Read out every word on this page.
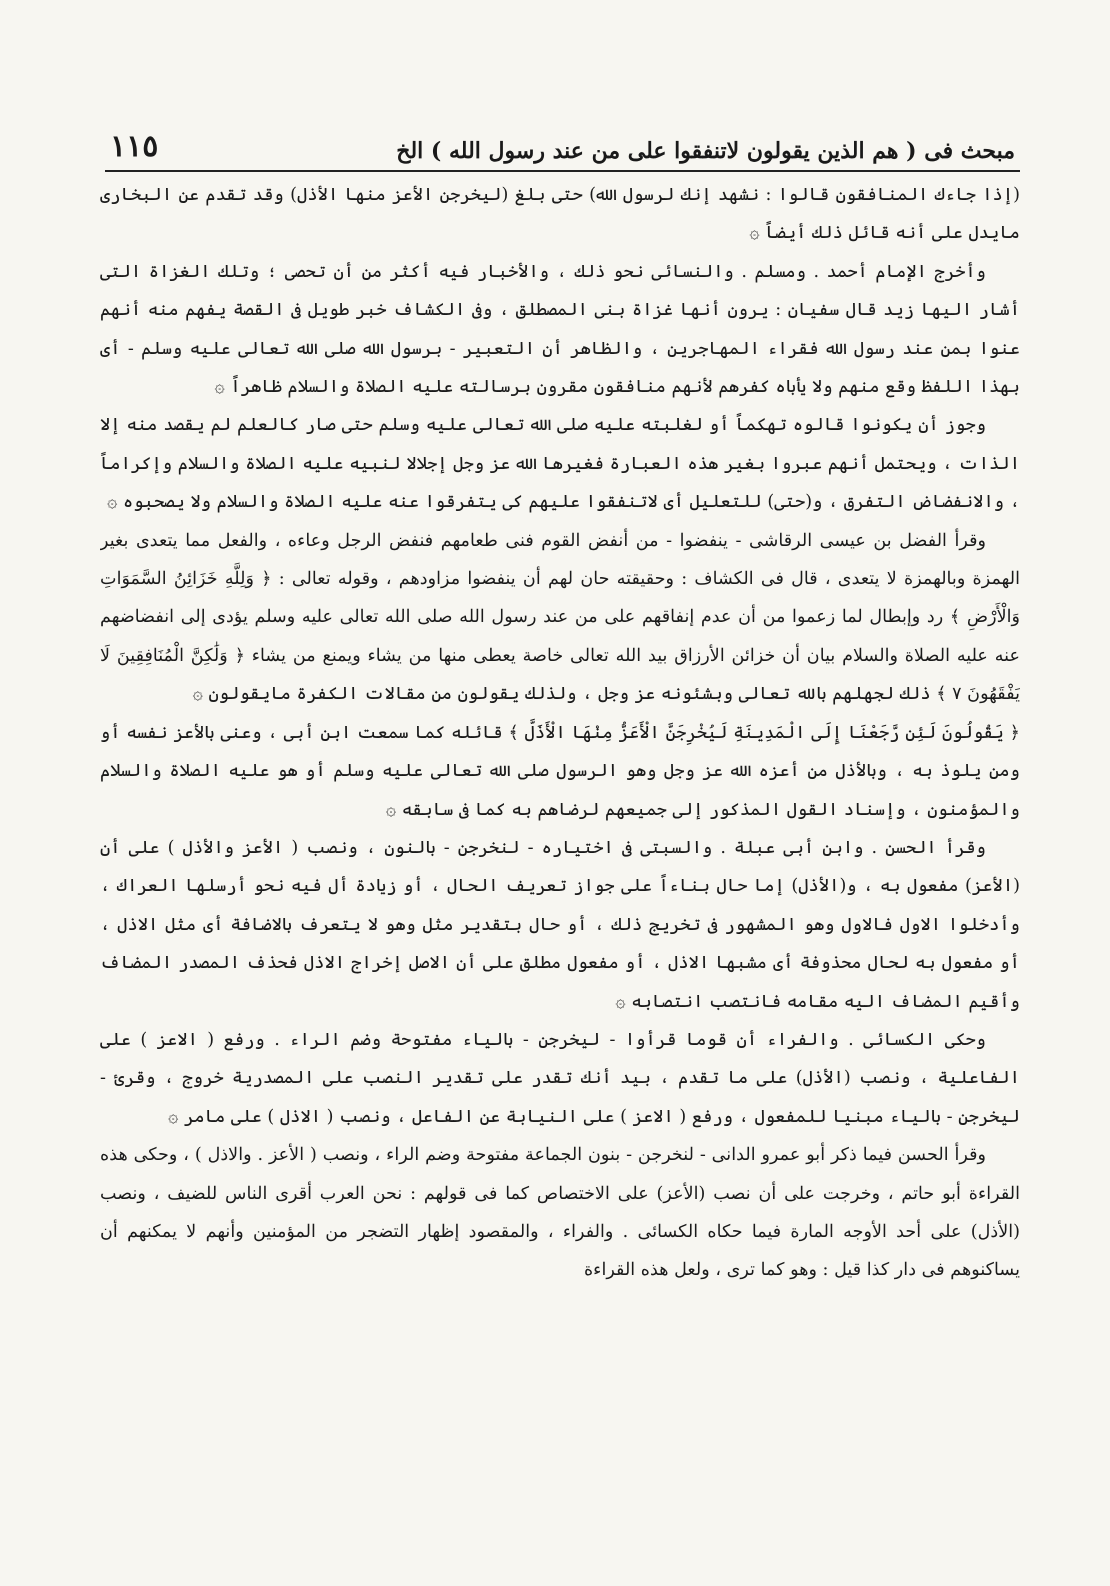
مبحث فى ( هم الذين يقولون لاتنفقوا على من عند رسول الله ) الخ
١١٥

(إذا جاءك المنافقون قالوا : نشهد إنك لرسول الله) حتى بلغ (ليخرجن الأعز منها الأذل) وقد تقدم عن البخارى مايدل على أنه قائل ذلك أيضاً ۞

وأخرج الإمام أحمد . ومسلم . والنسائى نحو ذلك ، والأخبار فيه أكثر من أن تحصى ؛ وتلك الغزاة التى أشار اليها زيد قال سفيان : يرون أنها غزاة بنى المصطلق ، وفى الكشاف خبر طويل فى القصة يفهم منه أنهم عنوا بمن عند رسول الله فقراء المهاجرين ، والظاهر أن التعبير - برسول الله صلى الله تعالى عليه وسلم - أى بهذا اللفظ وقع منهم ولا يأباه كفرهم لأنهم منافقون مقرون برسالته عليه الصلاة والسلام ظاهراً ۞

وجوز أن يكونوا قالوه تهكماً أو لغلبته عليه صلى الله تعالى عليه وسلم حتى صار كالعلم لم يقصد منه إلا الذات ، ويحتمل أنهم عبروا بغير هذه العبارة فغيرها الله عز وجل إجلالا لنبيه عليه الصلاة والسلام وإكراماً ، والانفضاض التفرق ، و(حتى) للتعليل أى لاتنفقوا عليهم كى يتفرقوا عنه عليه الصلاة والسلام ولا يصحبوه ۞

وقرأ الفضل بن عيسى الرقاشى - ينفضوا - من أنفض القوم فنى طعامهم فنفض الرجل وعاءه ، والفعل مما يتعدى بغير الهمزة وبالهمزة لا يتعدى ، قال فى الكشاف : وحقيقته حان لهم أن ينفضوا مزاودهم ، وقوله تعالى : ﴿ وَلِلَّهِ خَزَائِنُ السَّمَوَاتِ وَالْأَرْضِ ﴾ رد وإبطال لما زعموا من أن عدم إنفاقهم على من عند رسول الله صلى الله تعالى عليه وسلم يؤدى إلى انفضاضهم عنه عليه الصلاة والسلام بيان أن خزائن الأرزاق بيد الله تعالى خاصة يعطى منها من يشاء ويمنع من يشاء ﴿ وَلَٰكِنَّ الْمُنَافِقِينَ لَا يَفْقَهُونَ ٧ ﴾ ذلك لجهلهم بالله تعالى وبشئونه عز وجل ، ولذلك يقولون من مقالات الكفرة مايقولون ۞

﴿ يَقُولُونَ لَئِن رَّجَعْنَا إِلَى الْمَدِينَةِ لَيُخْرِجَنَّ الْأَعَزُّ مِنْهَا الْأَذَلَّ ﴾ قائله كما سمعت ابن أبى ، وعنى بالأعز نفسه أو ومن يلوذ به ، وبالأذل من أعزه الله عز وجل وهو الرسول صلى الله تعالى عليه وسلم أو هو عليه الصلاة والسلام والمؤمنون ، وإسناد القول المذكور إلى جميعهم لرضاهم به كما فى سابقه ۞

وقرأ الحسن . وابن أبى عبلة . والسبتى فى اختياره - لنخرجن - بالنون ، ونصب ( الأعز والأذل ) على أن (الأعز) مفعول به ، و(الأذل) إما حال بناءاً على جواز تعريف الحال ، أو زيادة أل فيه نحو أرسلها العراك ، وأدخلوا الاول فالاول وهو المشهور فى تخريج ذلك ، أو حال بتقدير مثل وهو لا يتعرف بالاضافة أى مثل الاذل ، أو مفعول به لحال محذوفة أى مشبها الاذل ، أو مفعول مطلق على أن الاصل إخراج الاذل فحذف المصدر المضاف وأقيم المضاف اليه مقامه فانتصب انتصابه ۞

وحكى الكسائى . والفراء أن قوما قرأوا - ليخرجن - بالياء مفتوحة وضم الراء . ورفع ( الاعز ) على الفاعلية ، ونصب (الأذل) على ما تقدم ، بيد أنك تقدر على تقدير النصب على المصدرية خروج ، وقرئ - ليخرجن - بالياء مبنيا للمفعول ، ورفع ( الاعز ) على النيابة عن الفاعل ، ونصب ( الاذل ) على مامر ۞

وقرأ الحسن فيما ذكر أبو عمرو الدانى - لنخرجن - بنون الجماعة مفتوحة وضم الراء ، ونصب ( الأعز . والاذل ) ، وحكى هذه القراءة أبو حاتم ، وخرجت على أن نصب (الأعز) على الاختصاص كما فى قولهم : نحن العرب أقرى الناس للضيف ، ونصب (الأذل) على أحد الأوجه المارة فيما حكاه الكسائى . والفراء ، والمقصود إظهار التضجر من المؤمنين وأنهم لا يمكنهم أن يساكنوهم فى دار كذا قيل : وهو كما ترى ، ولعل هذه القراءة
